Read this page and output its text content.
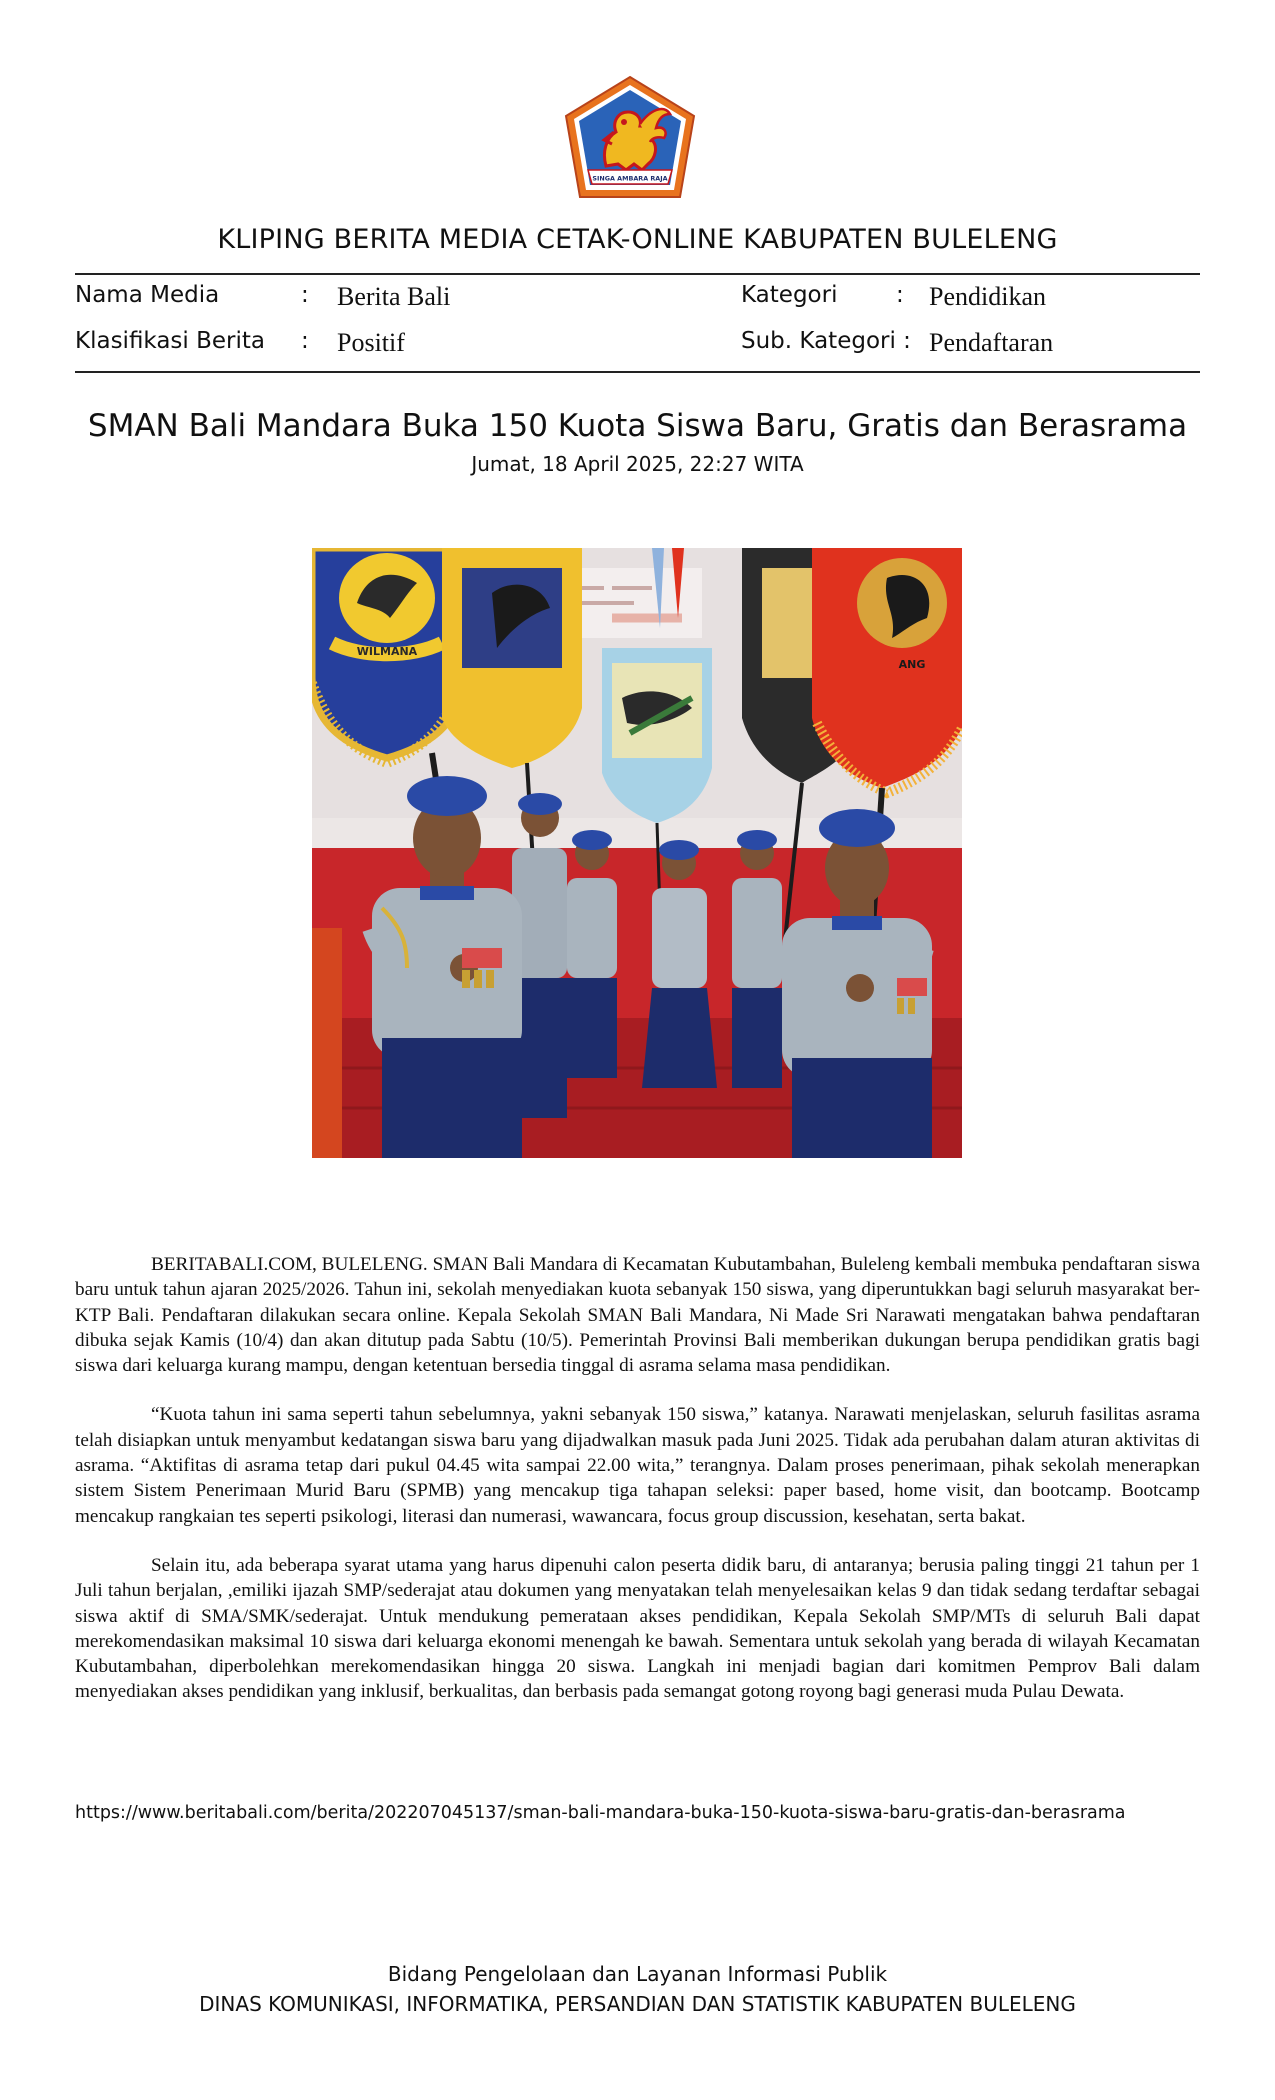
SINGA AMBARA RAJA
KLIPING BERITA MEDIA CETAK-ONLINE KABUPATEN BULELENG
Nama Media	: Berita Bali
Klasifikasi Berita : Positif
Kategori	: Pendidikan
Sub. Kategori : Pendaftaran
SMAN Bali Mandara Buka 150 Kuota Siswa Baru, Gratis dan Berasrama
Jumat, 18 April 2025, 22:27 WITA
WILMANA
ANG

BERITABALI.COM, BULELENG. SMAN Bali Mandara di Kecamatan Kubutambahan, Buleleng kembali membuka pendaftaran siswa baru untuk tahun ajaran 2025/2026. Tahun ini, sekolah menyediakan kuota sebanyak 150 siswa, yang diperuntukkan bagi seluruh masyarakat ber-KTP Bali. Pendaftaran dilakukan secara online. Kepala Sekolah SMAN Bali Mandara, Ni Made Sri Narawati mengatakan bahwa pendaftaran dibuka sejak Kamis (10/4) dan akan ditutup pada Sabtu (10/5). Pemerintah Provinsi Bali memberikan dukungan berupa pendidikan gratis bagi siswa dari keluarga kurang mampu, dengan ketentuan bersedia tinggal di asrama selama masa pendidikan.

“Kuota tahun ini sama seperti tahun sebelumnya, yakni sebanyak 150 siswa,” katanya. Narawati menjelaskan, seluruh fasilitas asrama telah disiapkan untuk menyambut kedatangan siswa baru yang dijadwalkan masuk pada Juni 2025. Tidak ada perubahan dalam aturan aktivitas di asrama. “Aktifitas di asrama tetap dari pukul 04.45 wita sampai 22.00 wita,” terangnya. Dalam proses penerimaan, pihak sekolah menerapkan sistem Sistem Penerimaan Murid Baru (SPMB) yang mencakup tiga tahapan seleksi: paper based, home visit, dan bootcamp. Bootcamp mencakup rangkaian tes seperti psikologi, literasi dan numerasi, wawancara, focus group discussion, kesehatan, serta bakat.

Selain itu, ada beberapa syarat utama yang harus dipenuhi calon peserta didik baru, di antaranya; berusia paling tinggi 21 tahun per 1 Juli tahun berjalan, ,emiliki ijazah SMP/sederajat atau dokumen yang menyatakan telah menyelesaikan kelas 9 dan tidak sedang terdaftar sebagai siswa aktif di SMA/SMK/sederajat. Untuk mendukung pemerataan akses pendidikan, Kepala Sekolah SMP/MTs di seluruh Bali dapat merekomendasikan maksimal 10 siswa dari keluarga ekonomi menengah ke bawah. Sementara untuk sekolah yang berada di wilayah Kecamatan Kubutambahan, diperbolehkan merekomendasikan hingga 20 siswa. Langkah ini menjadi bagian dari komitmen Pemprov Bali dalam menyediakan akses pendidikan yang inklusif, berkualitas, dan berbasis pada semangat gotong royong bagi generasi muda Pulau Dewata.

https://www.beritabali.com/berita/202207045137/sman-bali-mandara-buka-150-kuota-siswa-baru-gratis-dan-berasrama
Bidang Pengelolaan dan Layanan Informasi Publik
DINAS KOMUNIKASI, INFORMATIKA, PERSANDIAN DAN STATISTIK KABUPATEN BULELENG
